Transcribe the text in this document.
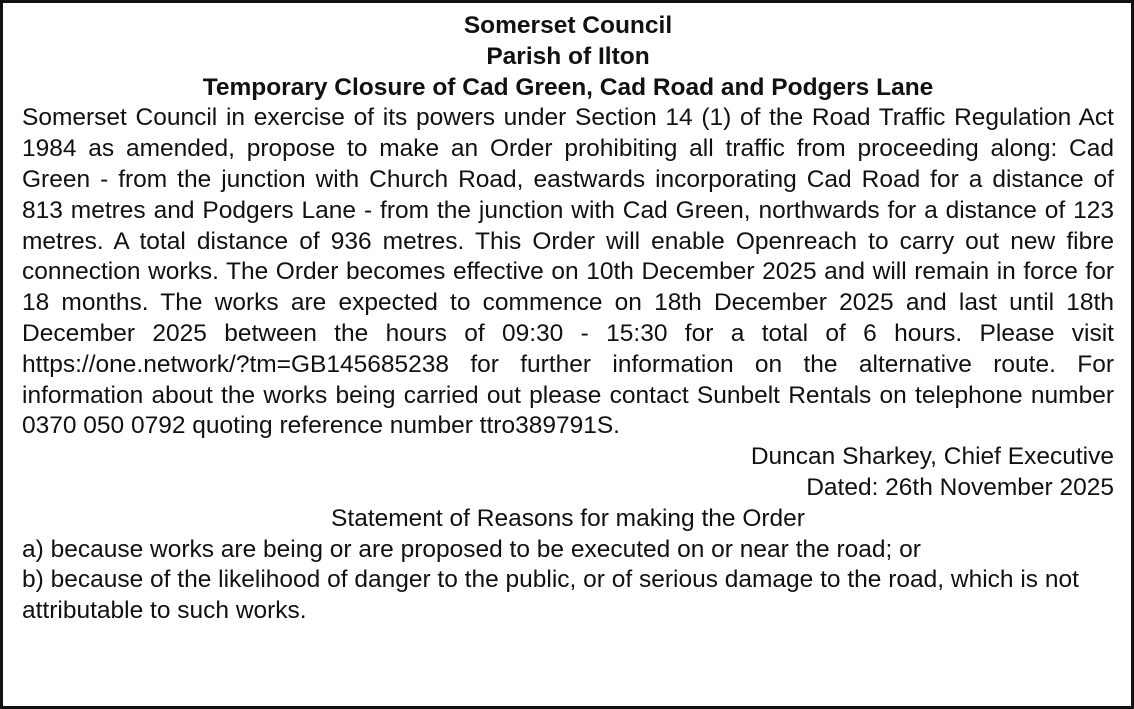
Somerset Council
Parish of Ilton
Temporary Closure of Cad Green, Cad Road and Podgers Lane

Somerset Council in exercise of its powers under Section 14 (1) of the Road Traffic Regulation Act 1984 as amended, propose to make an Order prohibiting all traffic from proceeding along: Cad Green - from the junction with Church Road, eastwards incorporating Cad Road for a distance of 813 metres and Podgers Lane - from the junction with Cad Green, northwards for a distance of 123 metres. A total distance of 936 metres. This Order will enable Openreach to carry out new fibre connection works. The Order becomes effective on 10th December 2025 and will remain in force for 18 months. The works are expected to commence on 18th December 2025 and last until 18th December 2025 between the hours of 09:30 - 15:30 for a total of 6 hours. Please visit https://one.network/?tm=GB145685238 for further information on the alternative route. For information about the works being carried out please contact Sunbelt Rentals on telephone number 0370 050 0792 quoting reference number ttro389791S.

Duncan Sharkey, Chief Executive
Dated: 26th November 2025
Statement of Reasons for making the Order

a) because works are being or are proposed to be executed on or near the road; or

b) because of the likelihood of danger to the public, or of serious damage to the road, which is not attributable to such works.
